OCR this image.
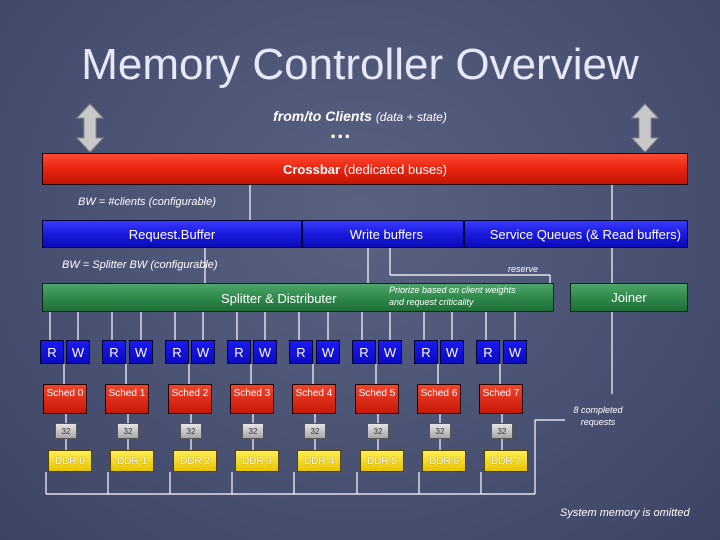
Memory Controller Overview
from/to Clients (data + state)
...
Crossbar
(dedicated buses)
BW = #clients (configurable)
Request.Buffer	Write buffers	Service Queues (& Read buffers)
BW = Splitter BW (configurable)	reserve
Splitter & Distributer
Priorize based on client weights and request criticality	Joiner
R	W
Sched 0
32
DDR 0
R	W
Sched 1
32
DDR 1
R	W
Sched 2
32
DDR 2
R	W
Sched 3
32
DDR 3
R	W
Sched 4
32
DDR 4
R	W
Sched 5
32
DDR 5
R	W
Sched 6
32
DDR 6
R	W
Sched 7
32
DDR 7
8 completed requests
System memory is omitted
